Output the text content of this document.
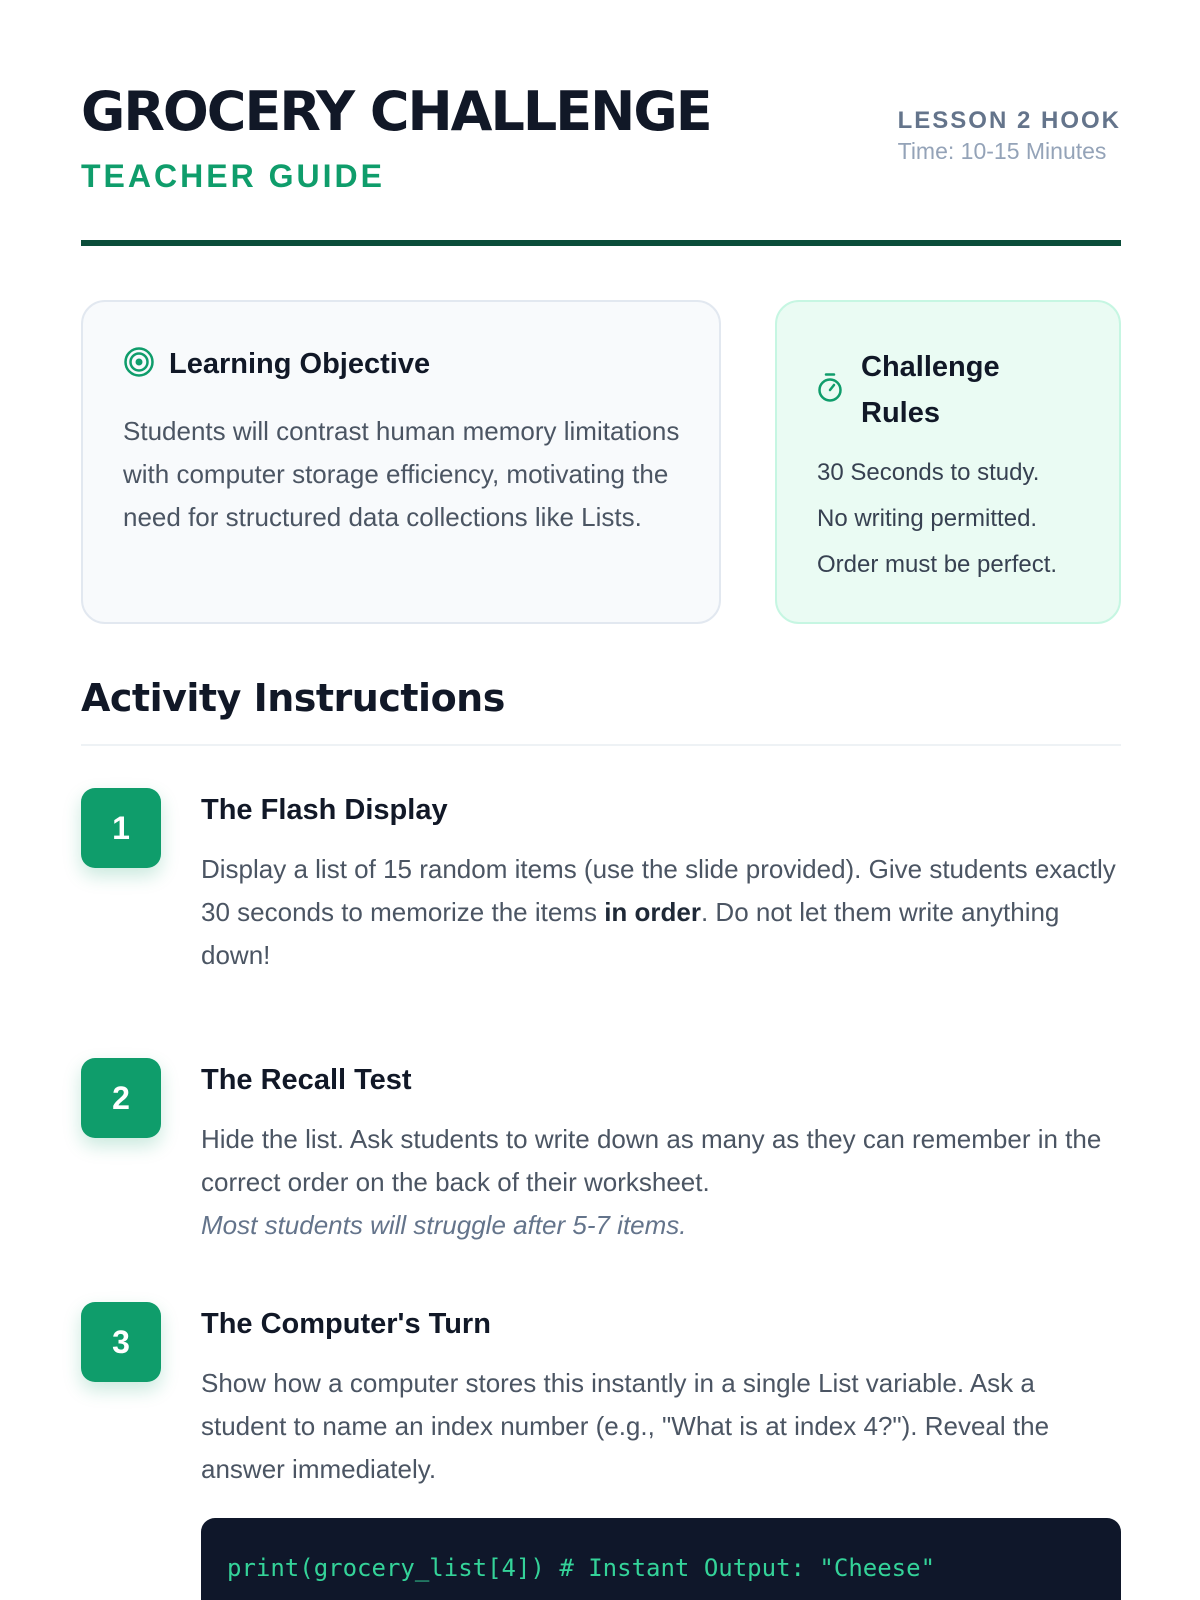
GROCERY CHALLENGE
TEACHER GUIDE
LESSON 2 HOOK
Time: 10-15 Minutes
Learning Objective
Students will contrast human memory limitations with computer storage efficiency, motivating the need for structured data collections like Lists.
Challenge Rules
30 Seconds to study.
No writing permitted.
Order must be perfect.
Activity Instructions
1	The Flash Display
Display a list of 15 random items (use the slide provided). Give students exactly 30 seconds to memorize the items in order. Do not let them write anything down!
2	The Recall Test
Hide the list. Ask students to write down as many as they can remember in the correct order on the back of their worksheet.
Most students will struggle after 5-7 items.
3	The Computer's Turn
Show how a computer stores this instantly in a single List variable. Ask a student to name an index number (e.g., "What is at index 4?"). Reveal the answer immediately.
print(grocery_list[4]) # Instant Output: "Cheese"
